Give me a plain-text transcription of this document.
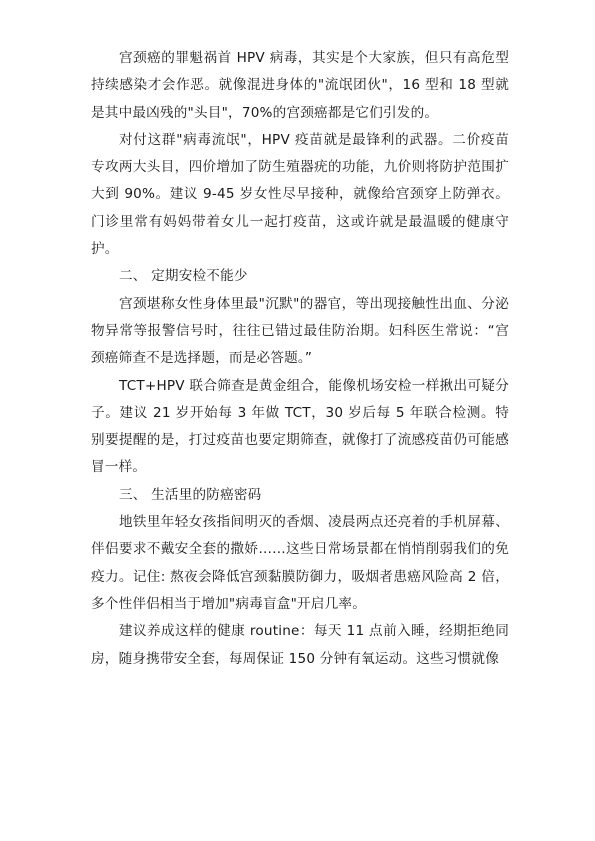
宫颈癌的罪魁祸首 HPV 病毒，其实是个大家族，但只有高危型持续感染才会作恶。就像混进身体的"流氓团伙"，16 型和 18 型就是其中最凶残的"头目"，70%的宫颈癌都是它们引发的。

对付这群"病毒流氓"，HPV 疫苗就是最锋利的武器。二价疫苗专攻两大头目，四价增加了防生殖器疣的功能，九价则将防护范围扩大到 90%。建议 9-45 岁女性尽早接种，就像给宫颈穿上防弹衣。门诊里常有妈妈带着女儿一起打疫苗，这或许就是最温暖的健康守护。

二、 定期安检不能少

宫颈堪称女性身体里最"沉默"的器官，等出现接触性出血、分泌物异常等报警信号时，往往已错过最佳防治期。妇科医生常说：“宫颈癌筛查不是选择题，而是必答题。”

TCT+HPV 联合筛查是黄金组合，能像机场安检一样揪出可疑分子。建议 21 岁开始每 3 年做 TCT，30 岁后每 5 年联合检测。特别要提醒的是，打过疫苗也要定期筛查，就像打了流感疫苗仍可能感冒一样。

三、 生活里的防癌密码

地铁里年轻女孩指间明灭的香烟、凌晨两点还亮着的手机屏幕、伴侣要求不戴安全套的撒娇……这些日常场景都在悄悄削弱我们的免疫力。记住: 熬夜会降低宫颈黏膜防御力，吸烟者患癌风险高 2 倍，多个性伴侣相当于增加"病毒盲盒"开启几率。

建议养成这样的健康 routine：每天 11 点前入睡，经期拒绝同房，随身携带安全套，每周保证 150 分钟有氧运动。这些习惯就像
